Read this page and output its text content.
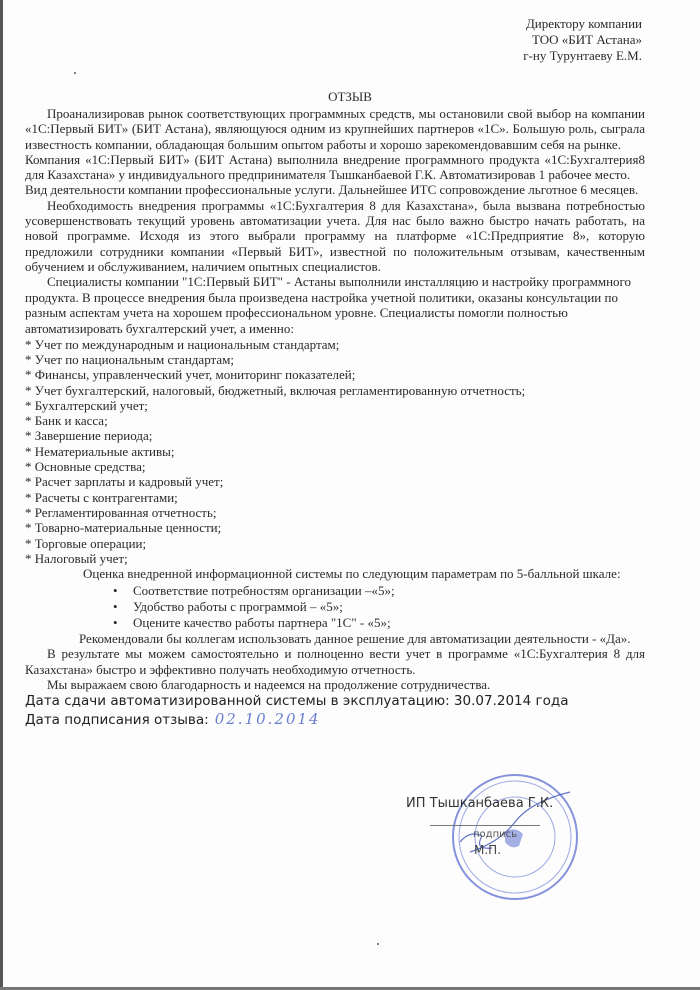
Директору компании
ТОО «БИТ Астана»
г-ну Турунтаеву Е.М.
ОТЗЫВ

Проанализировав рынок соответствующих программных средств, мы остановили свой выбор на компании «1С:Первый БИТ» (БИТ Астана), являющуюся одним из крупнейших партнеров «1С». Большую роль, сыграла известность компании, обладающая большим опытом работы и хорошо зарекомендовавшим себя на рынке.

Компания «1С:Первый БИТ» (БИТ Астана) выполнила внедрение программного продукта «1С:Бухгалтерия8 для Казахстана» у индивидуального предпринимателя Тышканбаевой Г.К. Автоматизировав 1 рабочее место.

Вид деятельности компании профессиональные услуги. Дальнейшее ИТС сопровождение льготное 6 месяцев.

Необходимость внедрения программы «1С:Бухгалтерия 8 для Казахстана», была вызвана потребностью усовершенствовать текущий уровень автоматизации учета. Для нас было важно быстро начать работать, на новой программе. Исходя из этого выбрали программу на платформе «1С:Предприятие 8», которую предложили сотрудники компании «Первый БИТ», известной по положительным отзывам, качественным обучением и обслуживанием, наличием опытных специалистов.

Специалисты компании "1С:Первый БИТ" - Астаны выполнили инсталляцию и настройку программного продукта. В процессе внедрения была произведена настройка учетной политики, оказаны консультации по разным аспектам учета на хорошем профессиональном уровне. Специалисты помогли полностью автоматизировать бухгалтерский учет, а именно:

* Учет по международным и национальным стандартам;
* Учет по национальным стандартам;
* Финансы, управленческий учет, мониторинг показателей;
* Учет бухгалтерский, налоговый, бюджетный, включая регламентированную отчетность;
* Бухгалтерский учет;
* Банк и касса;
* Завершение периода;
* Нематериальные активы;
* Основные средства;
* Расчет зарплаты и кадровый учет;
* Расчеты с контрагентами;
* Регламентированная отчетность;
* Товарно-материальные ценности;
* Торговые операции;
* Налоговый учет;

Оценка внедренной информационной системы по следующим параметрам по 5-балльной шкале:

• Соответствие потребностям организации –«5»;
• Удобство работы с программой – «5»;
• Оцените качество работы партнера "1С" - «5»;

Рекомендовали бы коллегам использовать данное решение для автоматизации деятельности - «Да».

В результате мы можем самостоятельно и полноценно вести учет в программе «1С:Бухгалтерия 8 для Казахстана» быстро и эффективно получать необходимую отчетность.

Мы выражаем свою благодарность и надеемся на продолжение сотрудничества.

Дата сдачи автоматизированной системы в эксплуатацию: 30.07.2014 года
Дата подписания отзыва: 02.10.2014
ИП Тышканбаева Г.К.
подпись
М.П.
